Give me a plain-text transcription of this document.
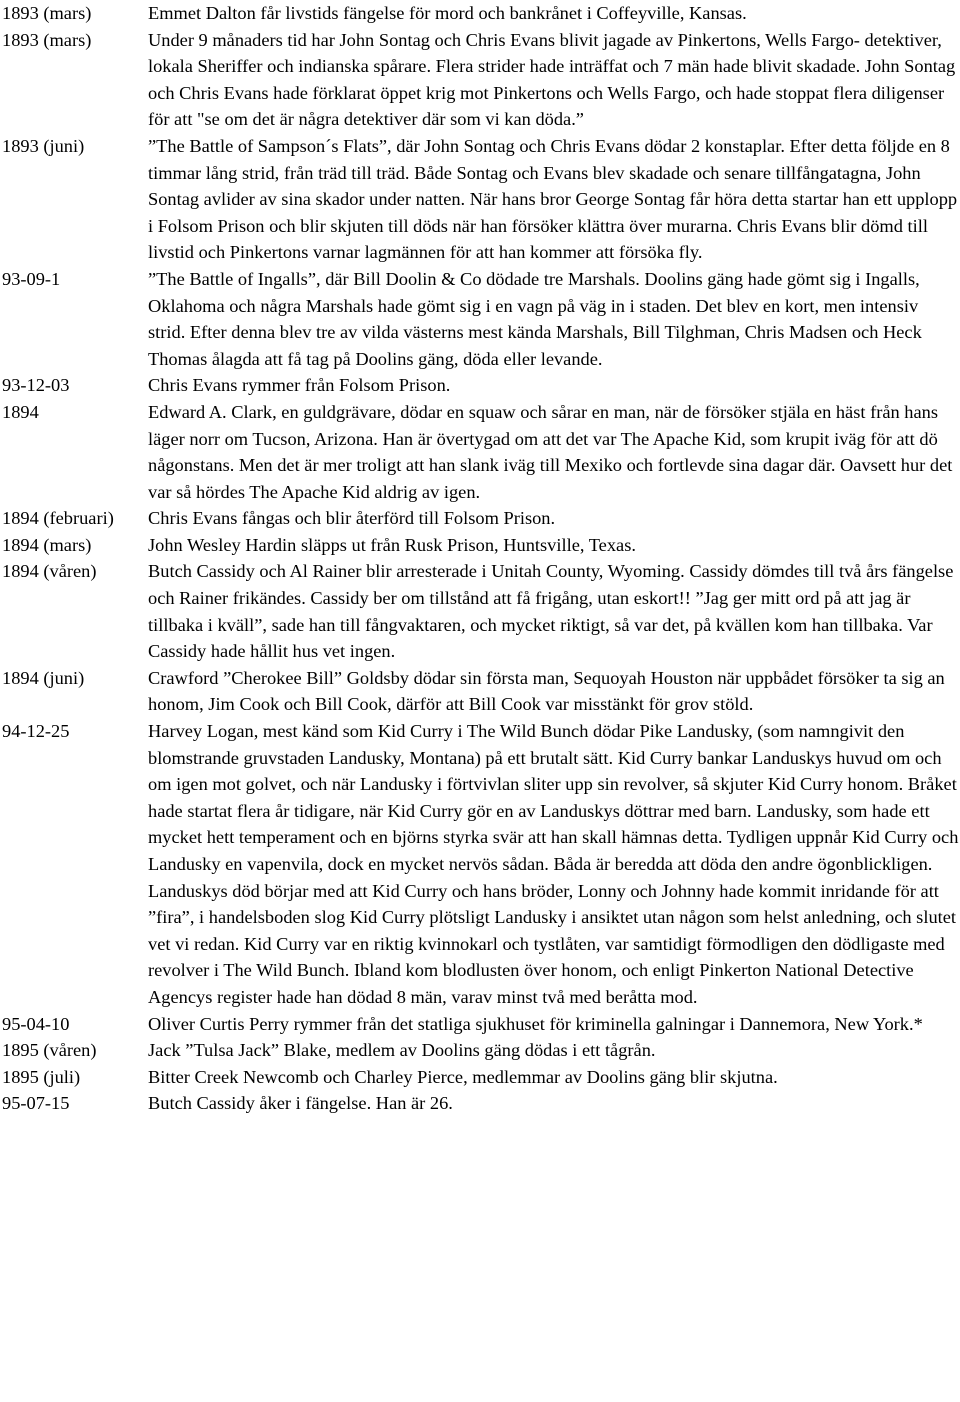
1893 (mars)	Emmet Dalton får livstids fängelse för mord och bankrånet i Coffeyville, Kansas.

1893 (mars)	Under 9 månaders tid har John Sontag och Chris Evans blivit jagade av Pinkertons, Wells Fargo- detektiver, lokala Sheriffer och indianska spårare. Flera strider hade inträffat och 7 män hade blivit skadade. John Sontag och Chris Evans hade förklarat öppet krig mot Pinkertons och Wells Fargo, och hade stoppat flera diligenser för att "se om det är några detektiver där som vi kan döda.”

1893 (juni)	”The Battle of Sampson´s Flats”, där John Sontag och Chris Evans dödar 2 konstaplar. Efter detta följde en 8 timmar lång strid, från träd till träd. Både Sontag och Evans blev skadade och senare tillfångatagna, John Sontag avlider av sina skador under natten. När hans bror George Sontag får höra detta startar han ett upplopp i Folsom Prison och blir skjuten till döds när han försöker klättra över murarna. Chris Evans blir dömd till livstid och Pinkertons varnar lagmännen för att han kommer att försöka fly.

93-09-1	”The Battle of Ingalls”, där Bill Doolin & Co dödade tre Marshals. Doolins gäng hade gömt sig i Ingalls, Oklahoma och några Marshals hade gömt sig i en vagn på väg in i staden. Det blev en kort, men intensiv strid. Efter denna blev tre av vilda västerns mest kända Marshals, Bill Tilghman, Chris Madsen och Heck Thomas ålagda att få tag på Doolins gäng, döda eller levande.

93-12-03	Chris Evans rymmer från Folsom Prison.

1894	Edward A. Clark, en guldgrävare, dödar en squaw och sårar en man, när de försöker stjäla en häst från hans läger norr om Tucson, Arizona. Han är övertygad om att det var The Apache Kid, som krupit iväg för att dö någonstans. Men det är mer troligt att han slank iväg till Mexiko och fortlevde sina dagar där. Oavsett hur det var så hördes The Apache Kid aldrig av igen.

1894 (februari)	Chris Evans fångas och blir återförd till Folsom Prison.

1894 (mars)	John Wesley Hardin släpps ut från Rusk Prison, Huntsville, Texas.

1894 (våren)	Butch Cassidy och Al Rainer blir arresterade i Unitah County, Wyoming. Cassidy dömdes till två års fängelse och Rainer frikändes. Cassidy ber om tillstånd att få frigång, utan eskort!! ”Jag ger mitt ord på att jag är tillbaka i kväll”, sade han till fångvaktaren, och mycket riktigt, så var det, på kvällen kom han tillbaka. Var Cassidy hade hållit hus vet ingen.

1894 (juni)	Crawford ”Cherokee Bill” Goldsby dödar sin första man, Sequoyah Houston när uppbådet försöker ta sig an honom, Jim Cook och Bill Cook, därför att Bill Cook var misstänkt för grov stöld.

94-12-25	Harvey Logan, mest känd som Kid Curry i The Wild Bunch dödar Pike Landusky, (som namngivit den blomstrande gruvstaden Landusky, Montana) på ett brutalt sätt. Kid Curry bankar Landuskys huvud om och om igen mot golvet, och när Landusky i förtvivlan sliter upp sin revolver, så skjuter Kid Curry honom. Bråket hade startat flera år tidigare, när Kid Curry gör en av Landuskys döttrar med barn. Landusky, som hade ett mycket hett temperament och en björns styrka svär att han skall hämnas detta. Tydligen uppnår Kid Curry och Landusky en vapenvila, dock en mycket nervös sådan. Båda är beredda att döda den andre ögonblickligen. Landuskys död börjar med att Kid Curry och hans bröder, Lonny och Johnny hade kommit inridande för att ”fira”, i handelsboden slog Kid Curry plötsligt Landusky i ansiktet utan någon som helst anledning, och slutet vet vi redan. Kid Curry var en riktig kvinnokarl och tystlåten, var samtidigt förmodligen den dödligaste med revolver i The Wild Bunch. Ibland kom blodlusten över honom, och enligt Pinkerton National Detective Agencys register hade han dödad 8 män, varav minst två med beråtta mod.

95-04-10	Oliver Curtis Perry rymmer från det statliga sjukhuset för kriminella galningar i Dannemora, New York.*

1895 (våren)	Jack ”Tulsa Jack” Blake, medlem av Doolins gäng dödas i ett tågrån.

1895 (juli)	Bitter Creek Newcomb och Charley Pierce, medlemmar av Doolins gäng blir skjutna.

95-07-15	Butch Cassidy åker i fängelse. Han är 26.
